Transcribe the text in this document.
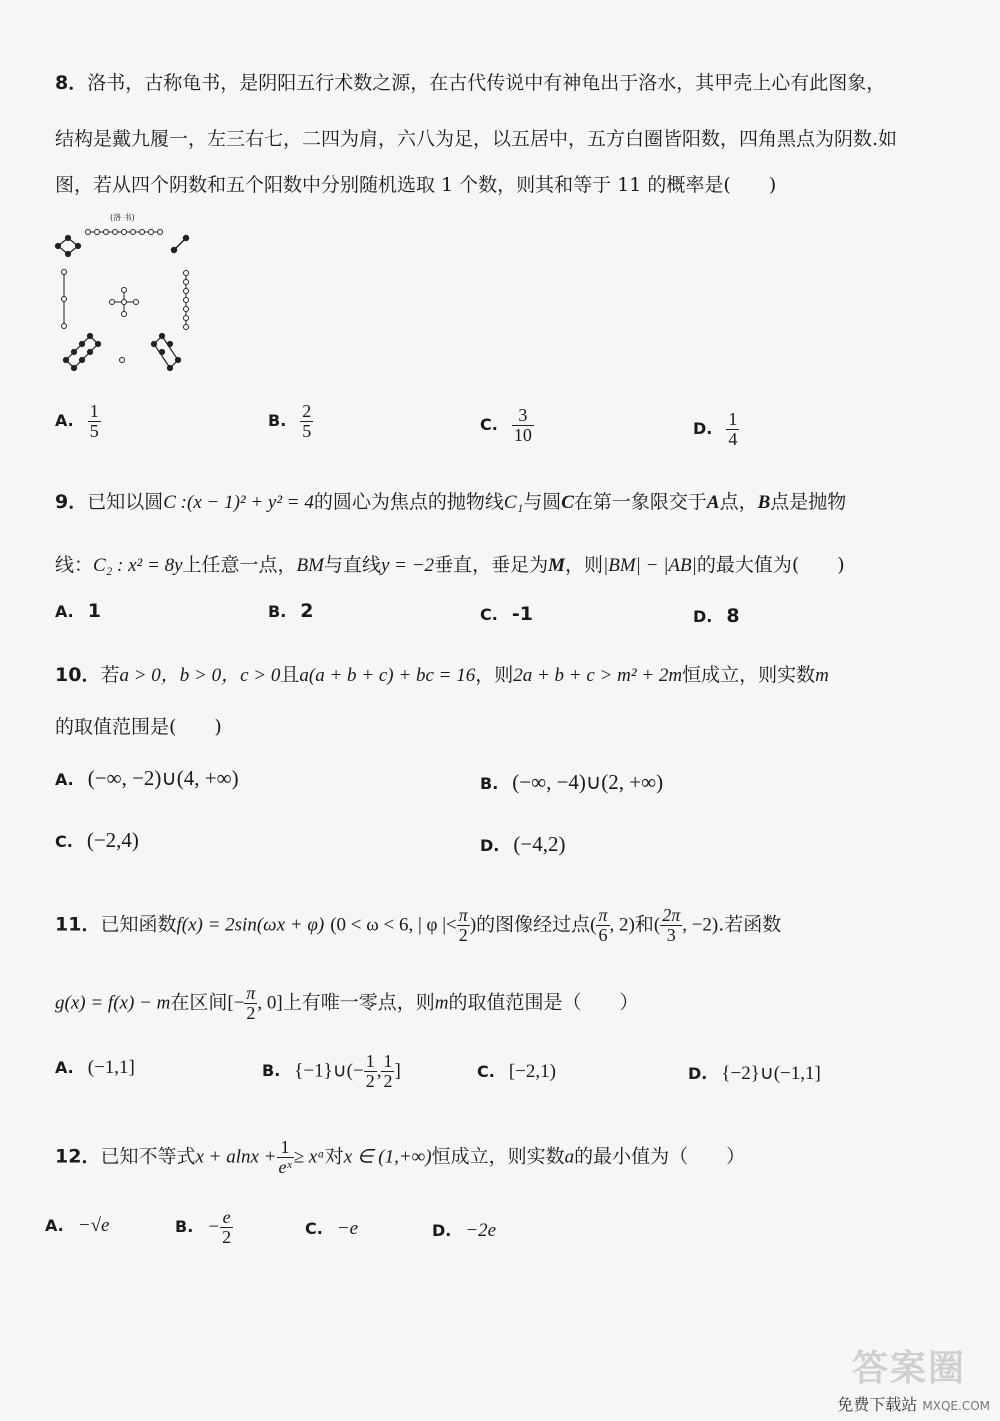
8．洛书，古称龟书，是阴阳五行术数之源，在古代传说中有神龟出于洛水，其甲壳上心有此图象，
结构是戴九履一，左三右七，二四为肩，六八为足，以五居中，五方白圈皆阳数，四角黑点为阴数.如
图，若从四个阴数和五个阳数中分别随机选取 1 个数，则其和等于 11 的概率是(　　)
(洛 书)
A. $\frac{1}{5}$	B. $\frac{2}{5}$	C. $\frac{3}{10}$	D. $\frac{1}{4}$
9．已知以圆C :(x − 1)² + y² = 4的圆心为焦点的抛物线C₁与圆C在第一象限交于A点，B点是抛物
线：C₂ : x² = 8y上任意一点，BM与直线y = −2垂直，垂足为M，则|BM| − |AB|的最大值为(　　)
A. 1	B. 2	C. -1	D. 8
10．若a > 0，b > 0，c > 0且a(a + b + c) + bc = 16，则2a + b + c > m² + 2m恒成立，则实数m
的取值范围是(　　)
A. (−∞, −2)∪(4, +∞)	B. (−∞, −4)∪(2, +∞)
C. (−2,4)	D. (−4,2)
11．已知函数f(x) = 2sin(ωx + φ) (0 < ω < 6, | φ |< $\frac{\pi}{2}$ )的图像经过点( $\frac{\pi}{6}$ , 2)和( $\frac{2\pi}{3}$ , −2).若函数
g(x) = f(x) − m在区间[− $\frac{\pi}{2}$ , 0]上有唯一零点，则m的取值范围是（　　）
A. (−1,1]	B. {−1}∪(− $\frac{1}{2}$ , $\frac{1}{2}$ ]	C. [−2,1)	D. {−2}∪(−1,1]
12．已知不等式$x + alnx + \frac{1}{\text{eˣ}}$ ≥ xᵃ对x ∈ (1,+∞)恒成立，则实数a的最小值为（　　）
A. −√e	B. − $\frac{e}{2}$	C. −e	D. −2e
答案圈
免费下载站 MXQE.COM
